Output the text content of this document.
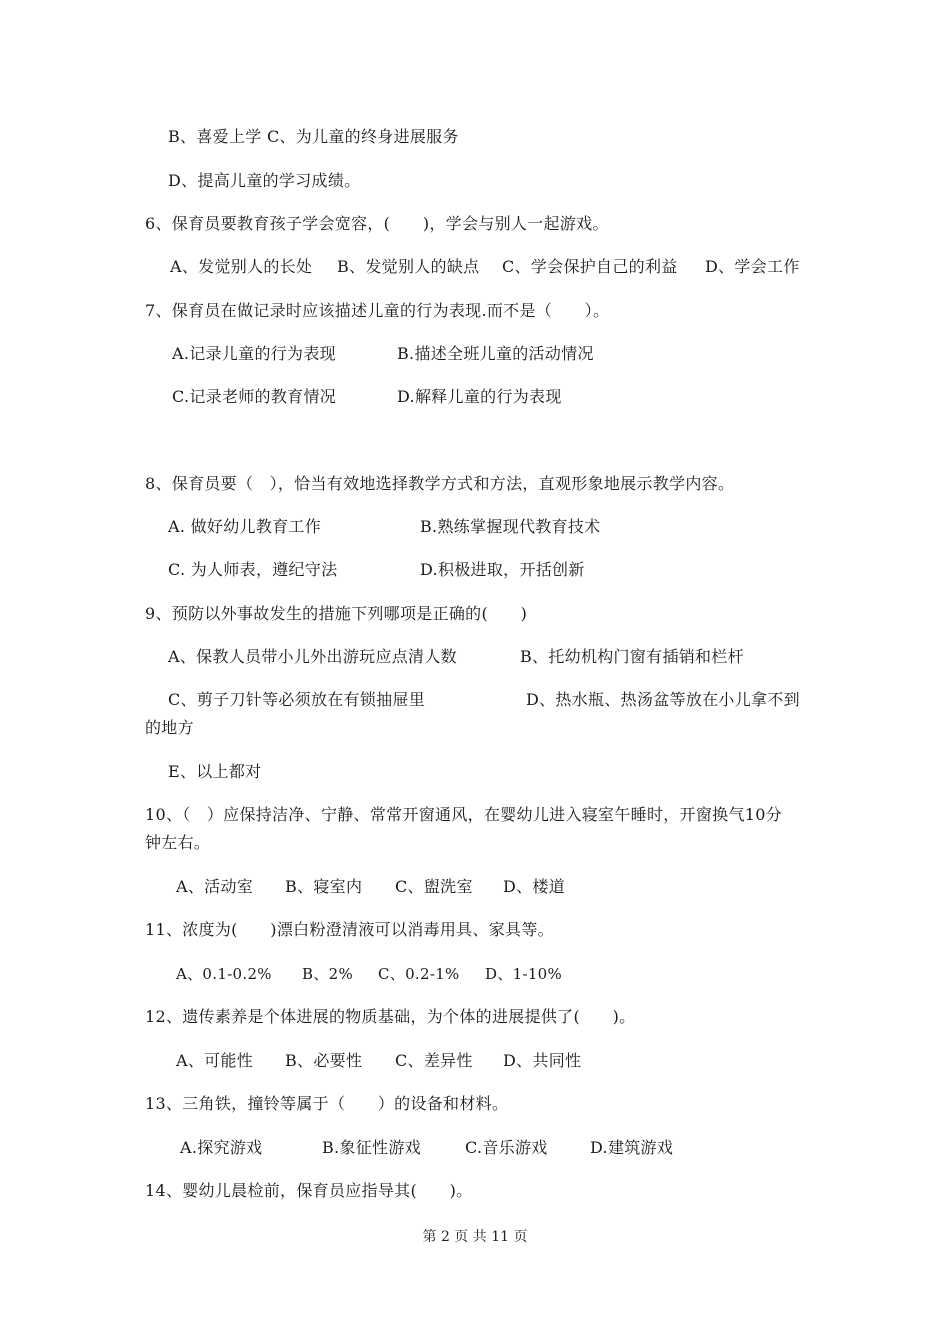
B、喜爱上学 C、为儿童的终身进展服务
D、提高儿童的学习成绩。
6、保育员要教育孩子学会宽容，(　　)，学会与别人一起游戏。
A、发觉别人的长处 B、发觉别人的缺点 C、学会保护自己的利益 D、学会工作
7、保育员在做记录时应该描述儿童的行为表现.而不是（　　）。
A.记录儿童的行为表现	B.描述全班儿童的活动情况
C.记录老师的教育情况	D.解释儿童的行为表现
8、保育员要（　），恰当有效地选择教学方式和方法，直观形象地展示教学内容。
A. 做好幼儿教育工作	B.熟练掌握现代教育技术
C. 为人师表，遵纪守法	D.积极进取，开括创新
9、预防以外事故发生的措施下列哪项是正确的(　　)
A、保教人员带小儿外出游玩应点清人数	B、托幼机构门窗有插销和栏杆
C、剪子刀针等必须放在有锁抽屉里	D、热水瓶、热汤盆等放在小儿拿不到
的地方
E、以上都对
10、（　）应保持洁净、宁静、常常开窗通风，在婴幼儿进入寝室午睡时，开窗换气10分
钟左右。
A、活动室 B、寝室内 C、盥洗室 D、楼道
11、浓度为(　　)漂白粉澄清液可以消毒用具、家具等。
A、0.1-0.2% B、2% C、0.2-1% D、1-10%
12、遗传素养是个体进展的物质基础，为个体的进展提供了(　　)。
A、可能性 B、必要性 C、差异性 D、共同性
13、三角铁，撞铃等属于（　　）的设备和材料。
A.探究游戏	B.象征性游戏	C.音乐游戏	D.建筑游戏
14、婴幼儿晨检前，保育员应指导其(　　)。
第 2 页 共 11 页
